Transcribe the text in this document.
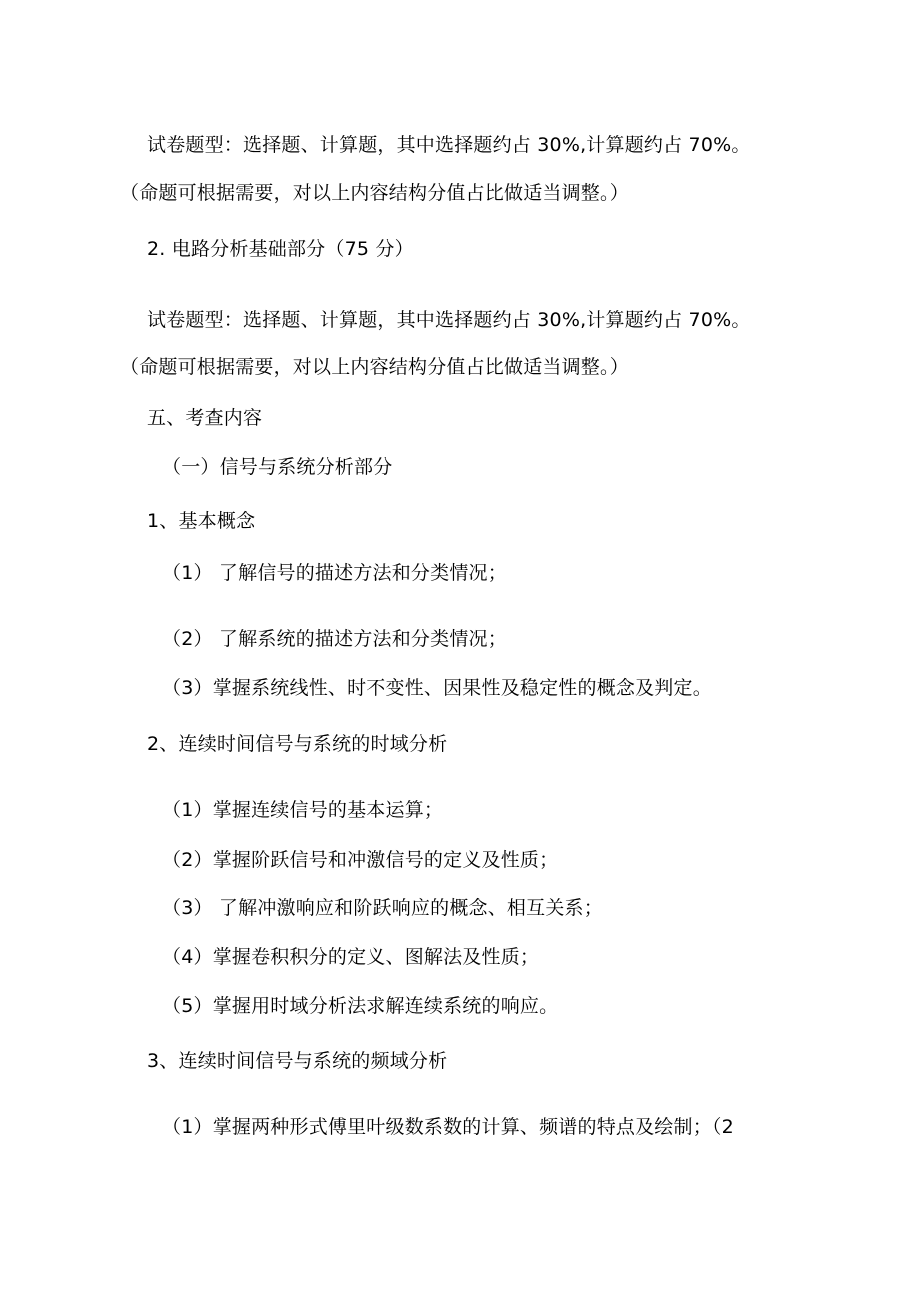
试卷题型：选择题、计算题，其中选择题约占 30%,计算题约占 70%。

（命题可根据需要，对以上内容结构分值占比做适当调整。）

2. 电路分析基础部分（75 分）

试卷题型：选择题、计算题，其中选择题约占 30%,计算题约占 70%。

（命题可根据需要，对以上内容结构分值占比做适当调整。）

五、考查内容

（一）信号与系统分析部分

1、基本概念

（1） 了解信号的描述方法和分类情况；

（2） 了解系统的描述方法和分类情况；

（3）掌握系统线性、时不变性、因果性及稳定性的概念及判定。

2、连续时间信号与系统的时域分析

（1）掌握连续信号的基本运算；

（2）掌握阶跃信号和冲激信号的定义及性质；

（3） 了解冲激响应和阶跃响应的概念、相互关系；

（4）掌握卷积积分的定义、图解法及性质；

（5）掌握用时域分析法求解连续系统的响应。

3、连续时间信号与系统的频域分析

（1）掌握两种形式傅里叶级数系数的计算、频谱的特点及绘制；（2
